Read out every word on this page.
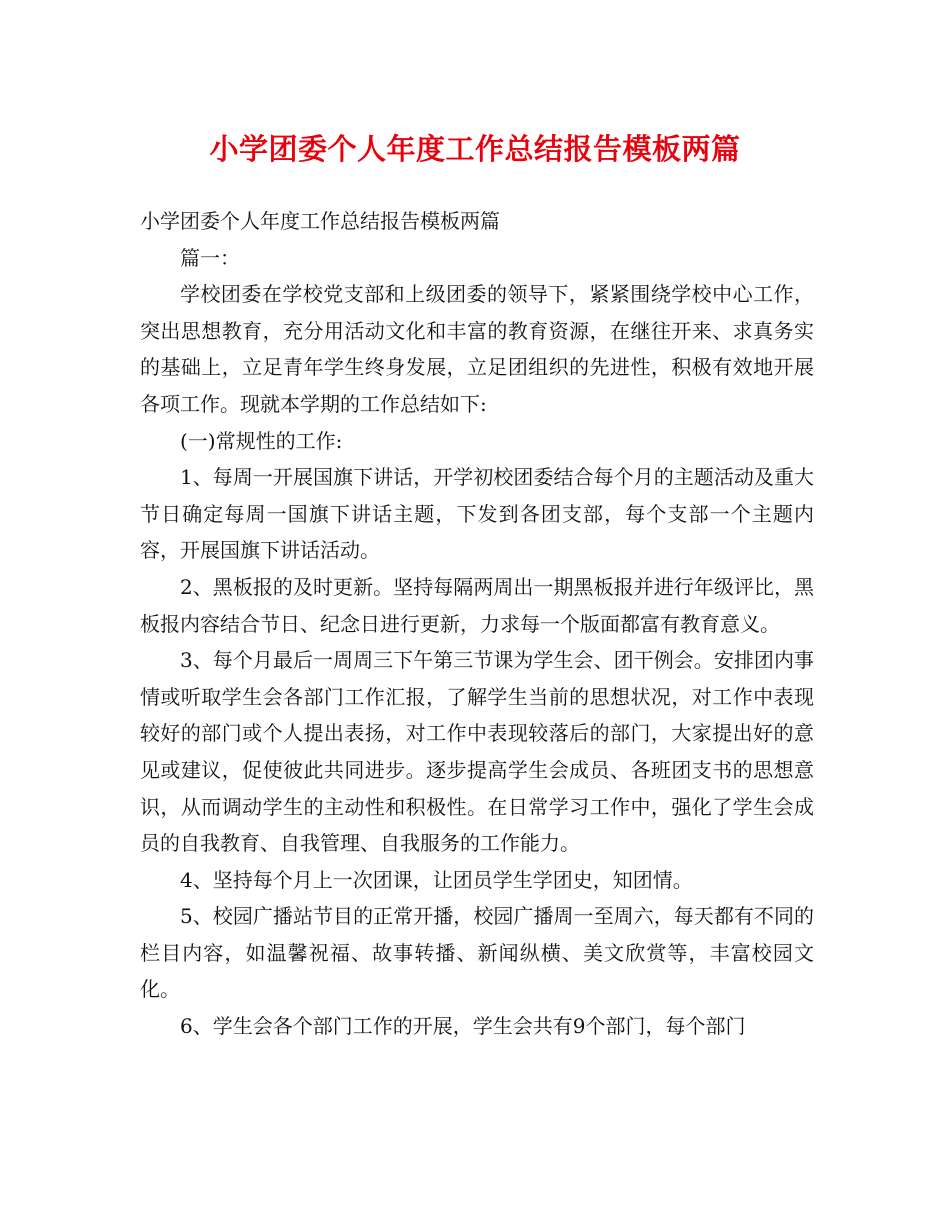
小学团委个人年度工作总结报告模板两篇

小学团委个人年度工作总结报告模板两篇

篇一：

学校团委在学校党支部和上级团委的领导下，紧紧围绕学校中心工作，突出思想教育，充分用活动文化和丰富的教育资源，在继往开来、求真务实的基础上，立足青年学生终身发展，立足团组织的先进性，积极有效地开展各项工作。现就本学期的工作总结如下:

(一)常规性的工作:

1、每周一开展国旗下讲话，开学初校团委结合每个月的主题活动及重大节日确定每周一国旗下讲话主题，下发到各团支部，每个支部一个主题内容，开展国旗下讲话活动。

2、黑板报的及时更新。坚持每隔两周出一期黑板报并进行年级评比，黑板报内容结合节日、纪念日进行更新，力求每一个版面都富有教育意义。

3、每个月最后一周周三下午第三节课为学生会、团干例会。安排团内事情或听取学生会各部门工作汇报，了解学生当前的思想状况，对工作中表现较好的部门或个人提出表扬，对工作中表现较落后的部门，大家提出好的意见或建议，促使彼此共同进步。逐步提高学生会成员、各班团支书的思想意识，从而调动学生的主动性和积极性。在日常学习工作中，强化了学生会成员的自我教育、自我管理、自我服务的工作能力。

4、坚持每个月上一次团课，让团员学生学团史，知团情。

5、校园广播站节目的正常开播，校园广播周一至周六，每天都有不同的栏目内容，如温馨祝福、故事转播、新闻纵横、美文欣赏等，丰富校园文化。

6、学生会各个部门工作的开展，学生会共有9个部门，每个部门
